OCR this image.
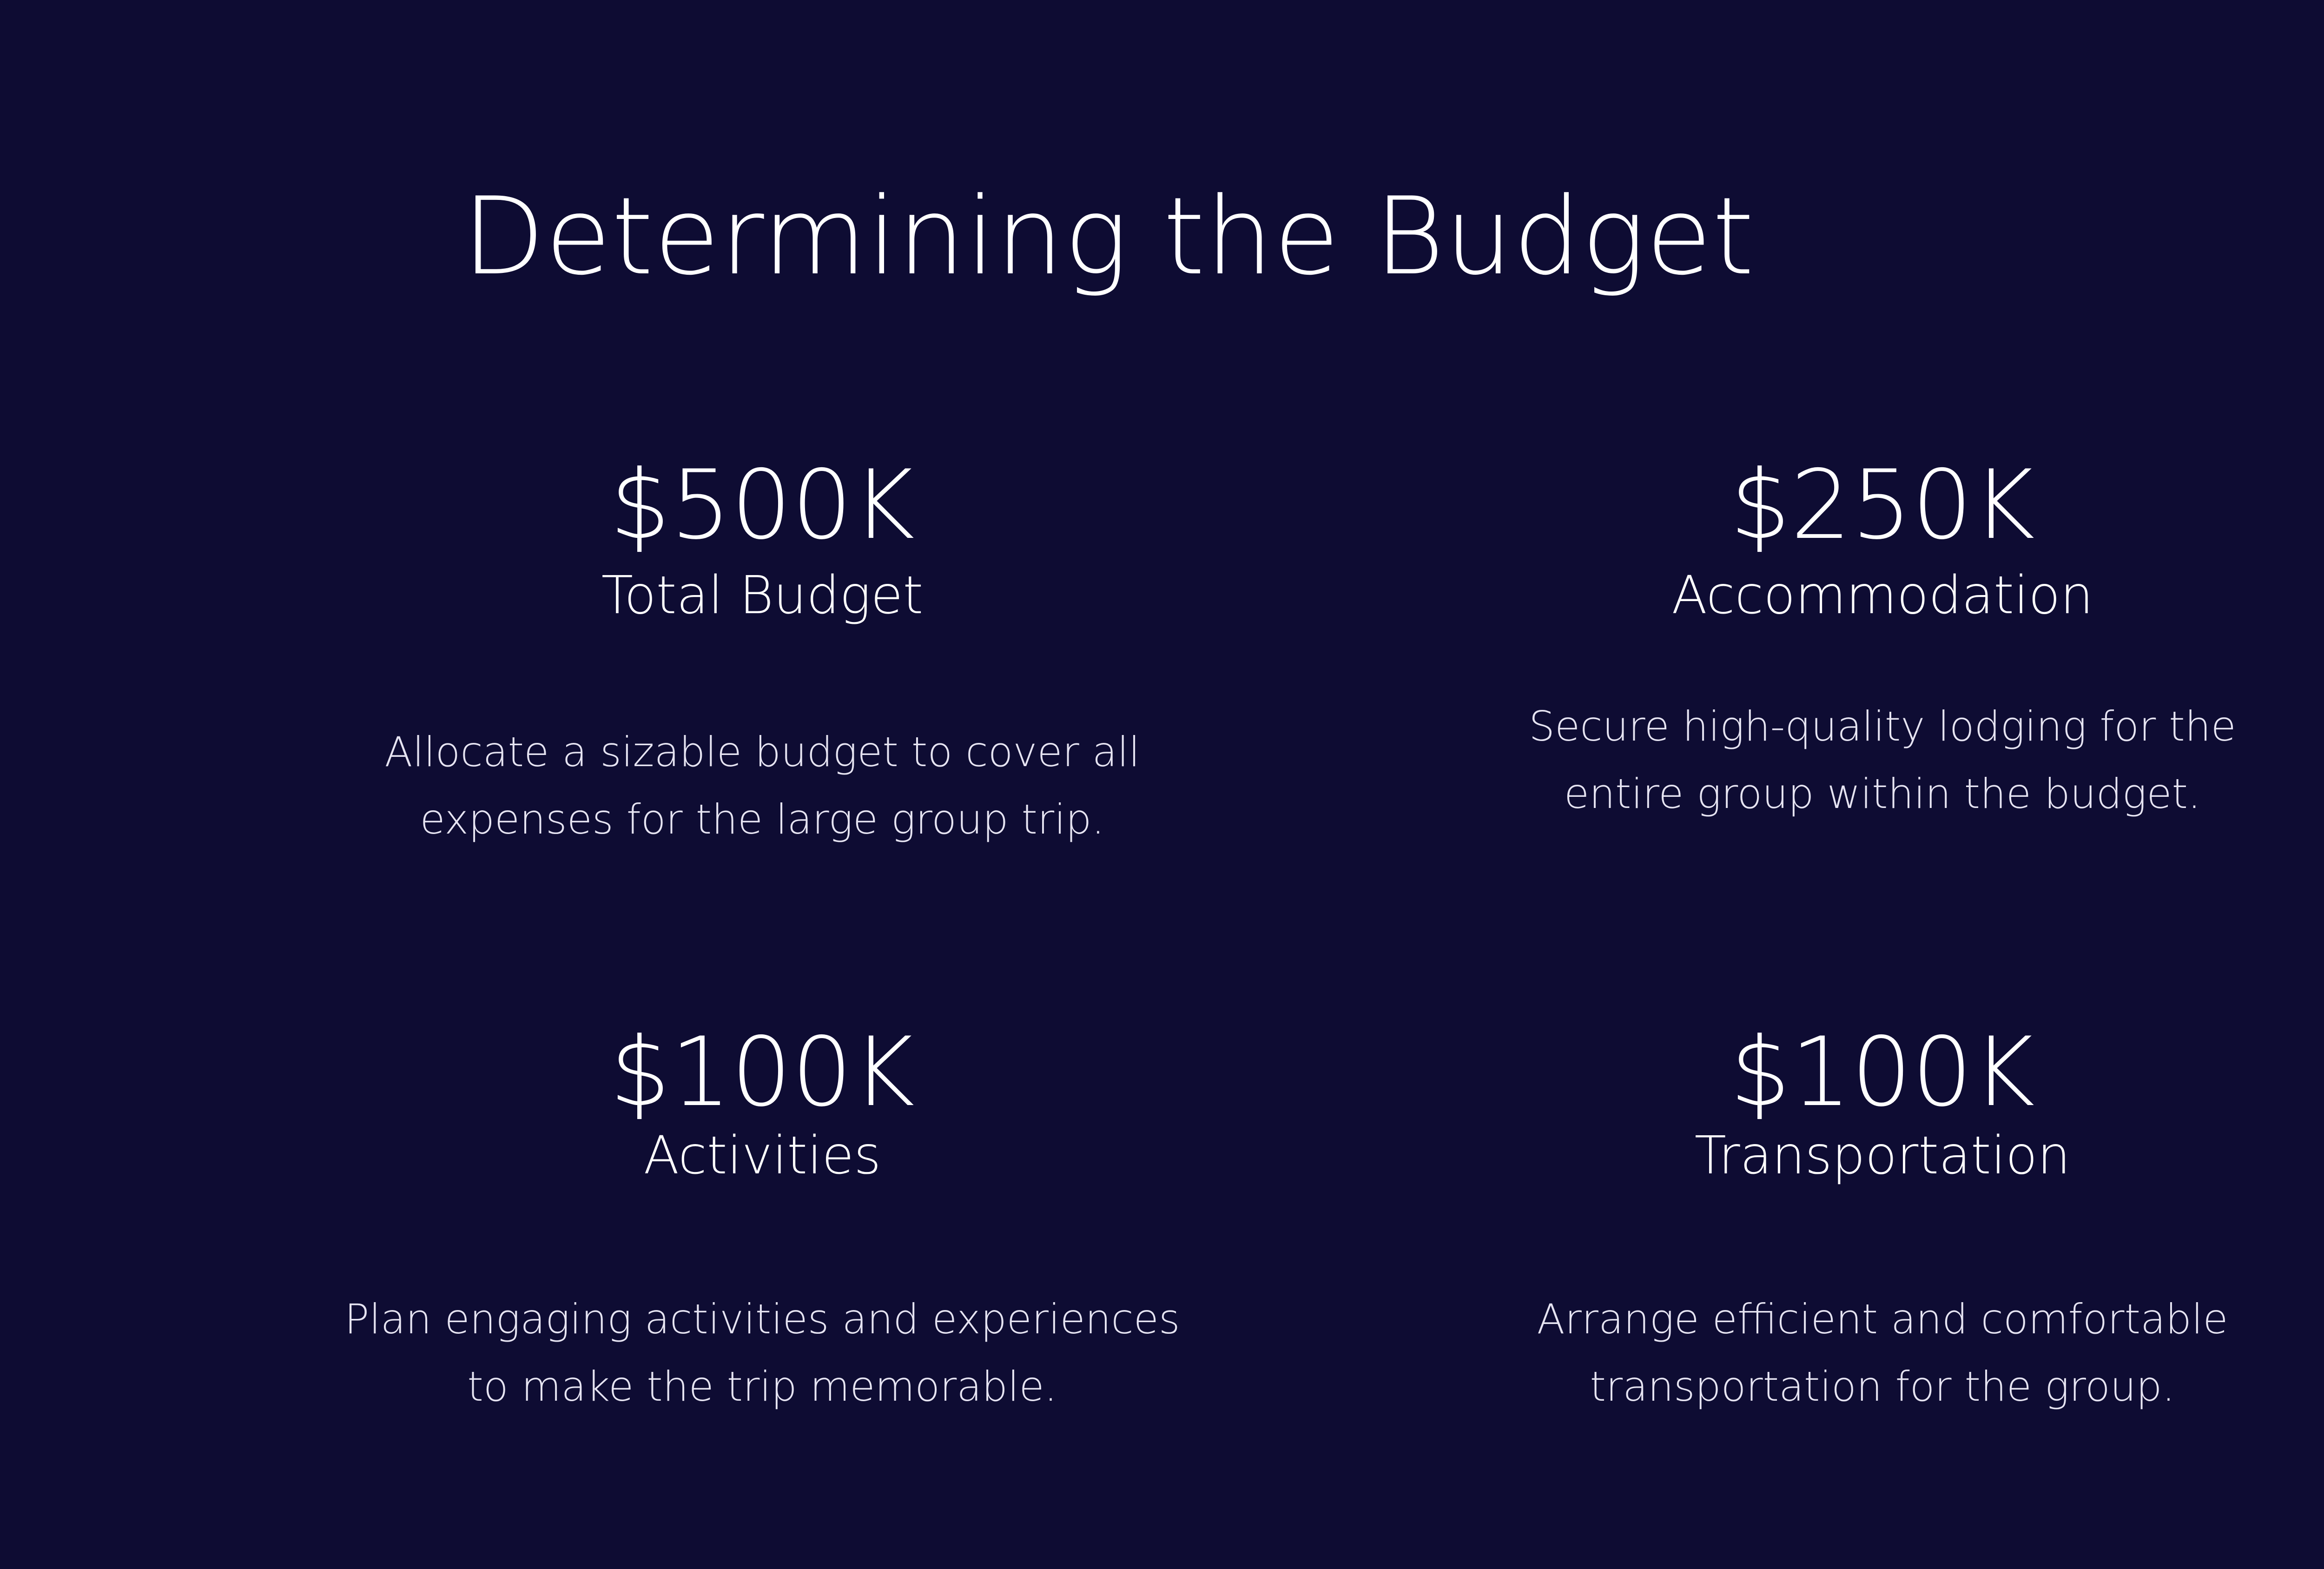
Determining the Budget
$500K
Total Budget
Allocate a sizable budget to cover all expenses for the large group trip.
$250K
Accommodation
Secure high-quality lodging for the entire group within the budget.
$100K
Activities
Plan engaging activities and experiences to make the trip memorable.
$100K
Transportation
Arrange efficient and comfortable transportation for the group.
